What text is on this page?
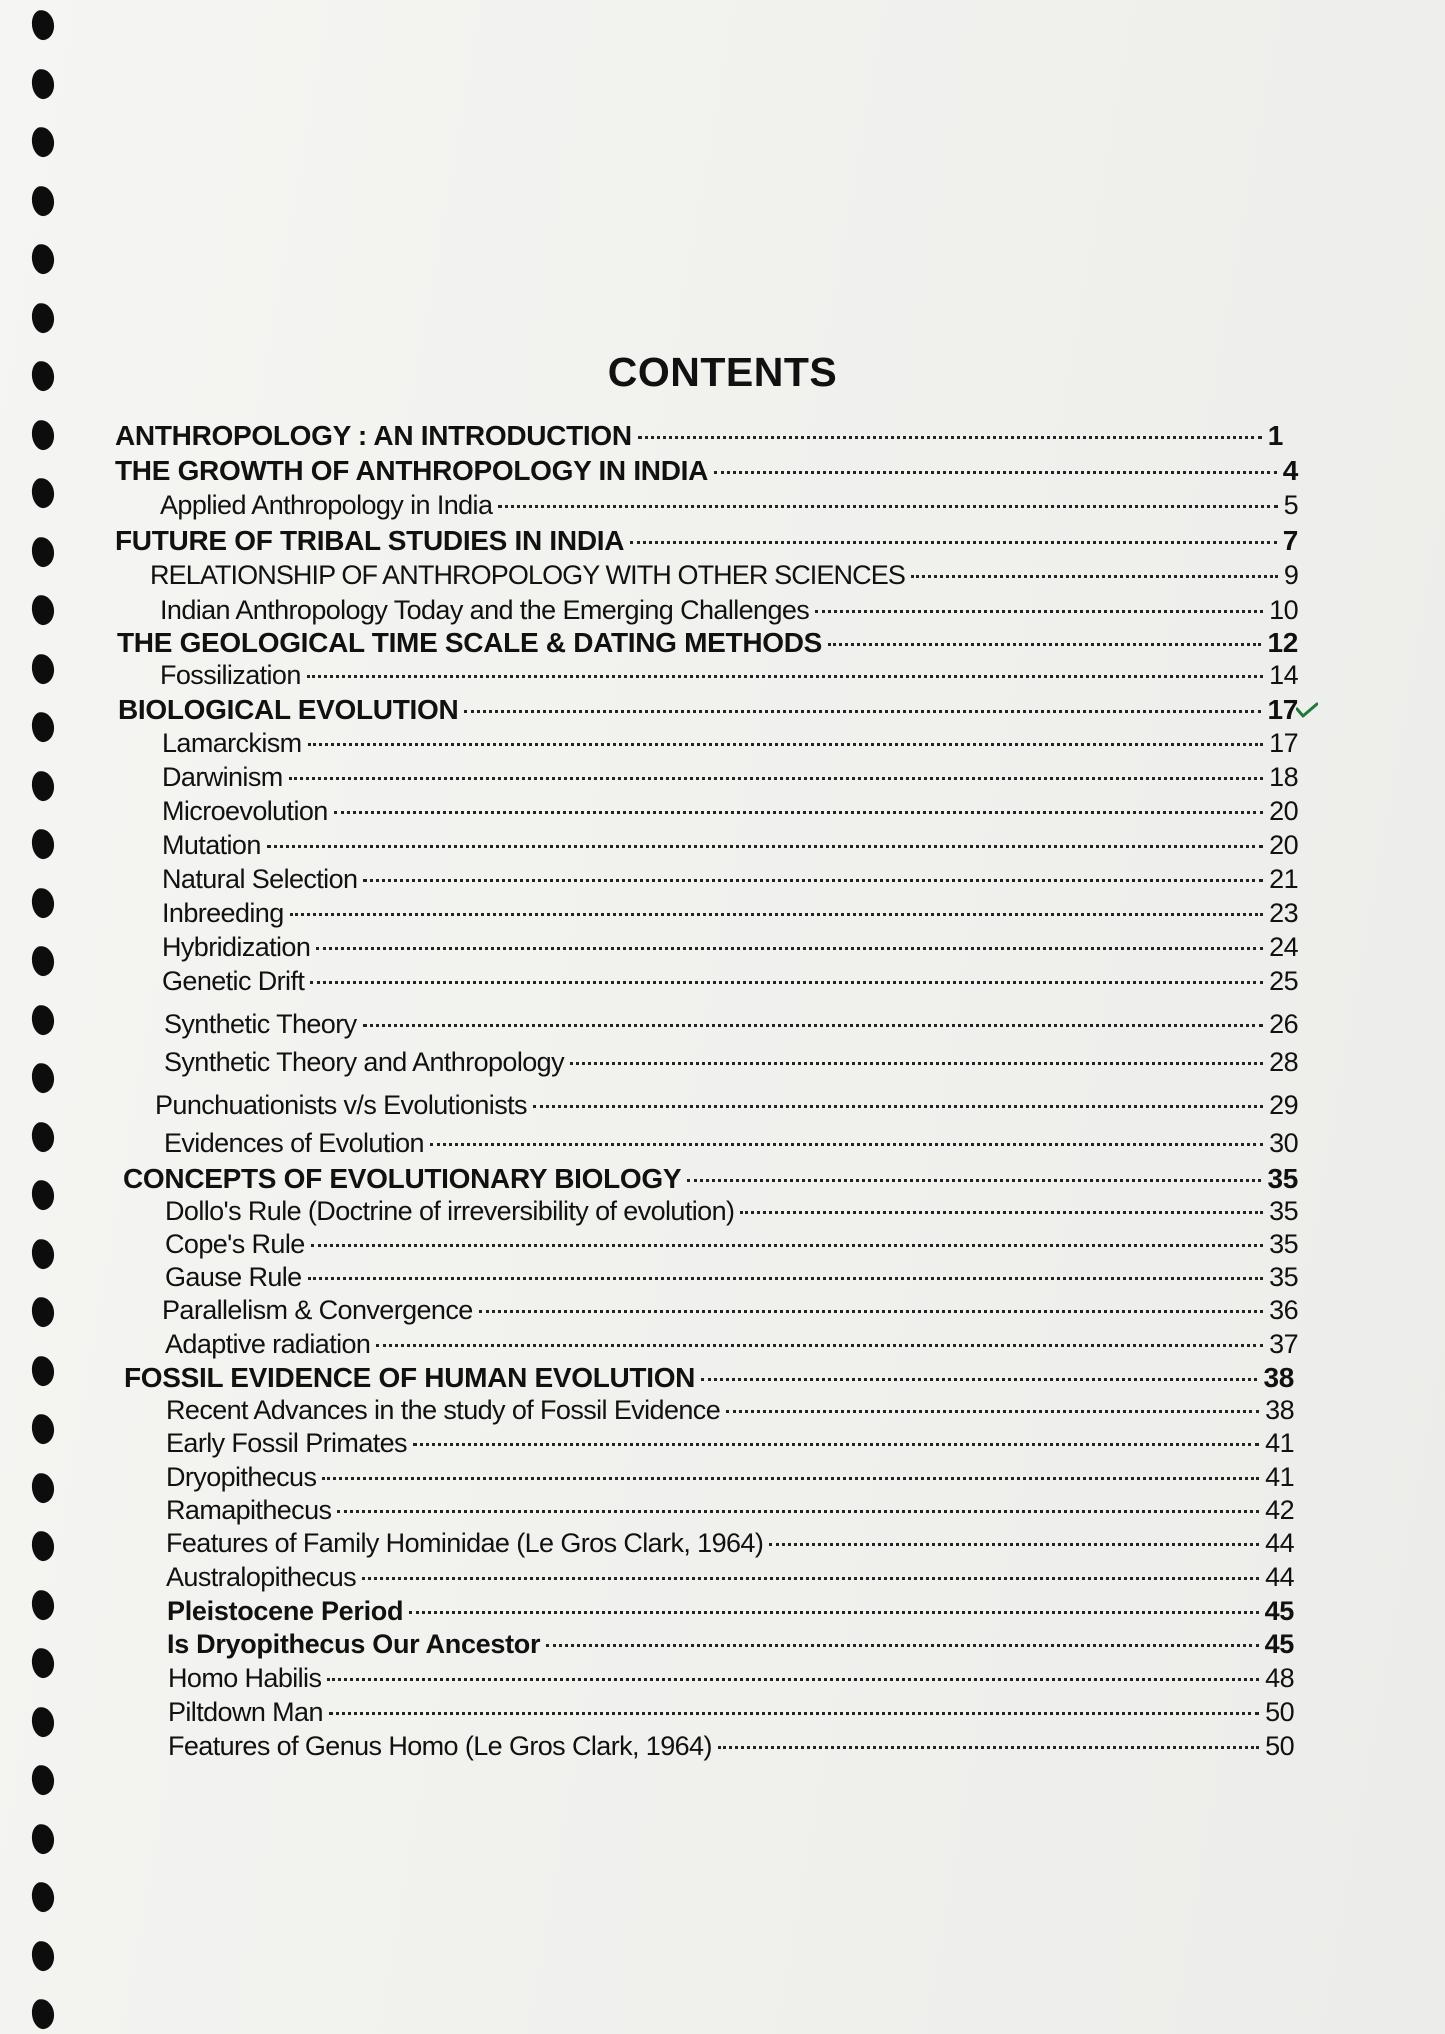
CONTENTS
ANTHROPOLOGY : AN INTRODUCTION	1
THE GROWTH OF ANTHROPOLOGY IN INDIA	4
Applied Anthropology in India	5
FUTURE OF TRIBAL STUDIES IN INDIA	7
RELATIONSHIP OF ANTHROPOLOGY WITH OTHER SCIENCES	9
Indian Anthropology Today and the Emerging Challenges	10
THE GEOLOGICAL TIME SCALE & DATING METHODS	12
Fossilization	14
BIOLOGICAL EVOLUTION	17
Lamarckism	17
Darwinism	18
Microevolution	20
Mutation	20
Natural Selection	21
Inbreeding	23
Hybridization	24
Genetic Drift	25
Synthetic Theory	26
Synthetic Theory and Anthropology	28
Punchuationists v/s Evolutionists	29
Evidences of Evolution	30
CONCEPTS OF EVOLUTIONARY BIOLOGY	35
Dollo's Rule (Doctrine of irreversibility of evolution)	35
Cope's Rule	35
Gause Rule	35
Parallelism & Convergence	36
Adaptive radiation	37
FOSSIL EVIDENCE OF HUMAN EVOLUTION	38
Recent Advances in the study of Fossil Evidence	38
Early Fossil Primates	41
Dryopithecus	41
Ramapithecus	42
Features of Family Hominidae (Le Gros Clark, 1964)	44
Australopithecus	44
Pleistocene Period	45
Is Dryopithecus Our Ancestor	45
Homo Habilis	48
Piltdown Man	50
Features of Genus Homo (Le Gros Clark, 1964)	50
